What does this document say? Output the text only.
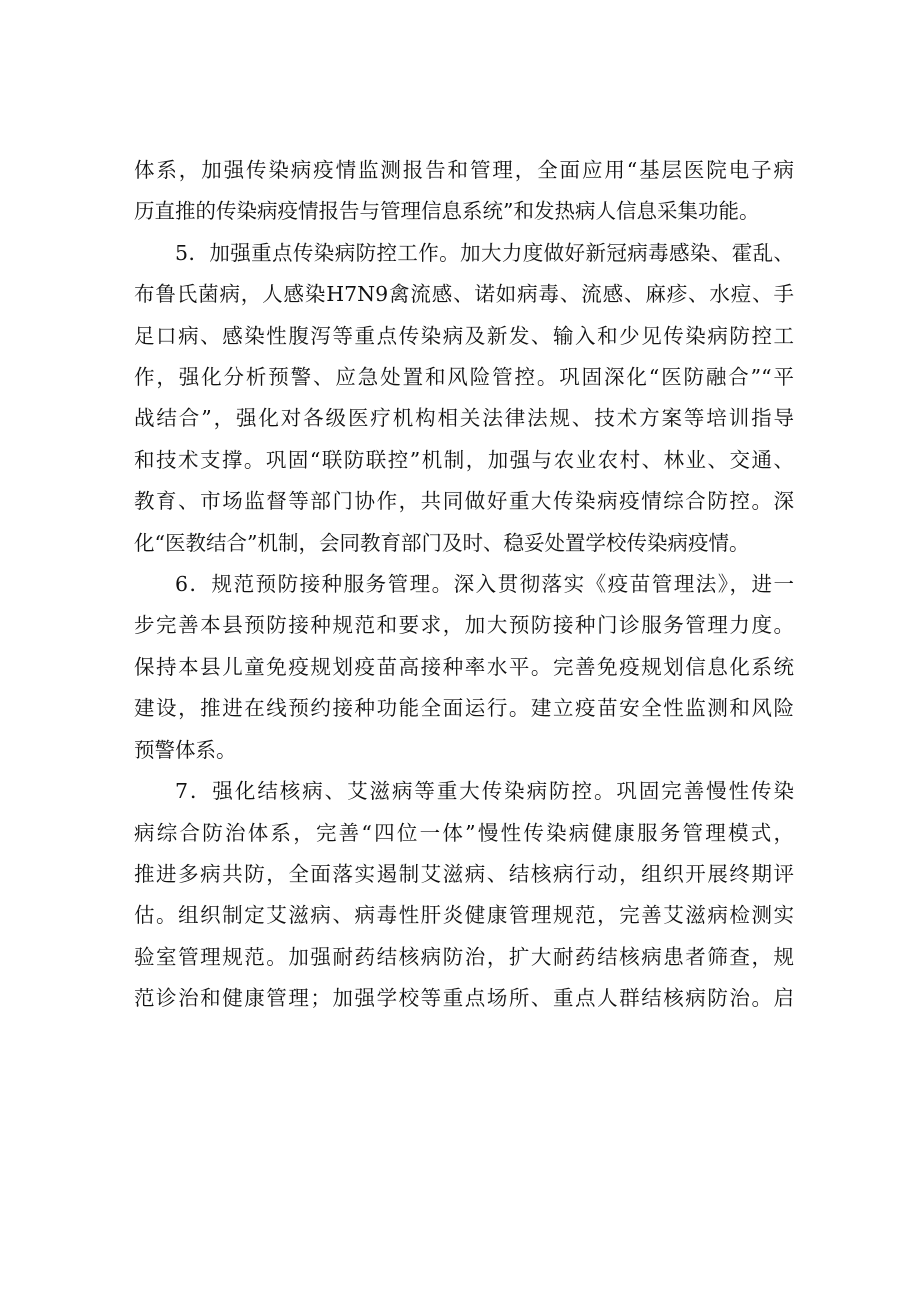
体系，加强传染病疫情监测报告和管理，全面应用“基层医院电子病
历直推的传染病疫情报告与管理信息系统”和发热病人信息采集功能。

5．加强重点传染病防控工作。加大力度做好新冠病毒感染、霍乱、
布鲁氏菌病，人感染H7N9禽流感、诺如病毒、流感、麻疹、水痘、手
足口病、感染性腹泻等重点传染病及新发、输入和少见传染病防控工
作，强化分析预警、应急处置和风险管控。巩固深化“医防融合”“平
战结合”，强化对各级医疗机构相关法律法规、技术方案等培训指导
和技术支撑。巩固“联防联控”机制，加强与农业农村、林业、交通、
教育、市场监督等部门协作，共同做好重大传染病疫情综合防控。深
化“医教结合”机制，会同教育部门及时、稳妥处置学校传染病疫情。

6．规范预防接种服务管理。深入贯彻落实《疫苗管理法》，进一
步完善本县预防接种规范和要求，加大预防接种门诊服务管理力度。
保持本县儿童免疫规划疫苗高接种率水平。完善免疫规划信息化系统
建设，推进在线预约接种功能全面运行。建立疫苗安全性监测和风险
预警体系。

7．强化结核病、艾滋病等重大传染病防控。巩固完善慢性传染
病综合防治体系，完善“四位一体”慢性传染病健康服务管理模式，
推进多病共防，全面落实遏制艾滋病、结核病行动，组织开展终期评
估。组织制定艾滋病、病毒性肝炎健康管理规范，完善艾滋病检测实
验室管理规范。加强耐药结核病防治，扩大耐药结核病患者筛查，规
范诊治和健康管理；加强学校等重点场所、重点人群结核病防治。启
